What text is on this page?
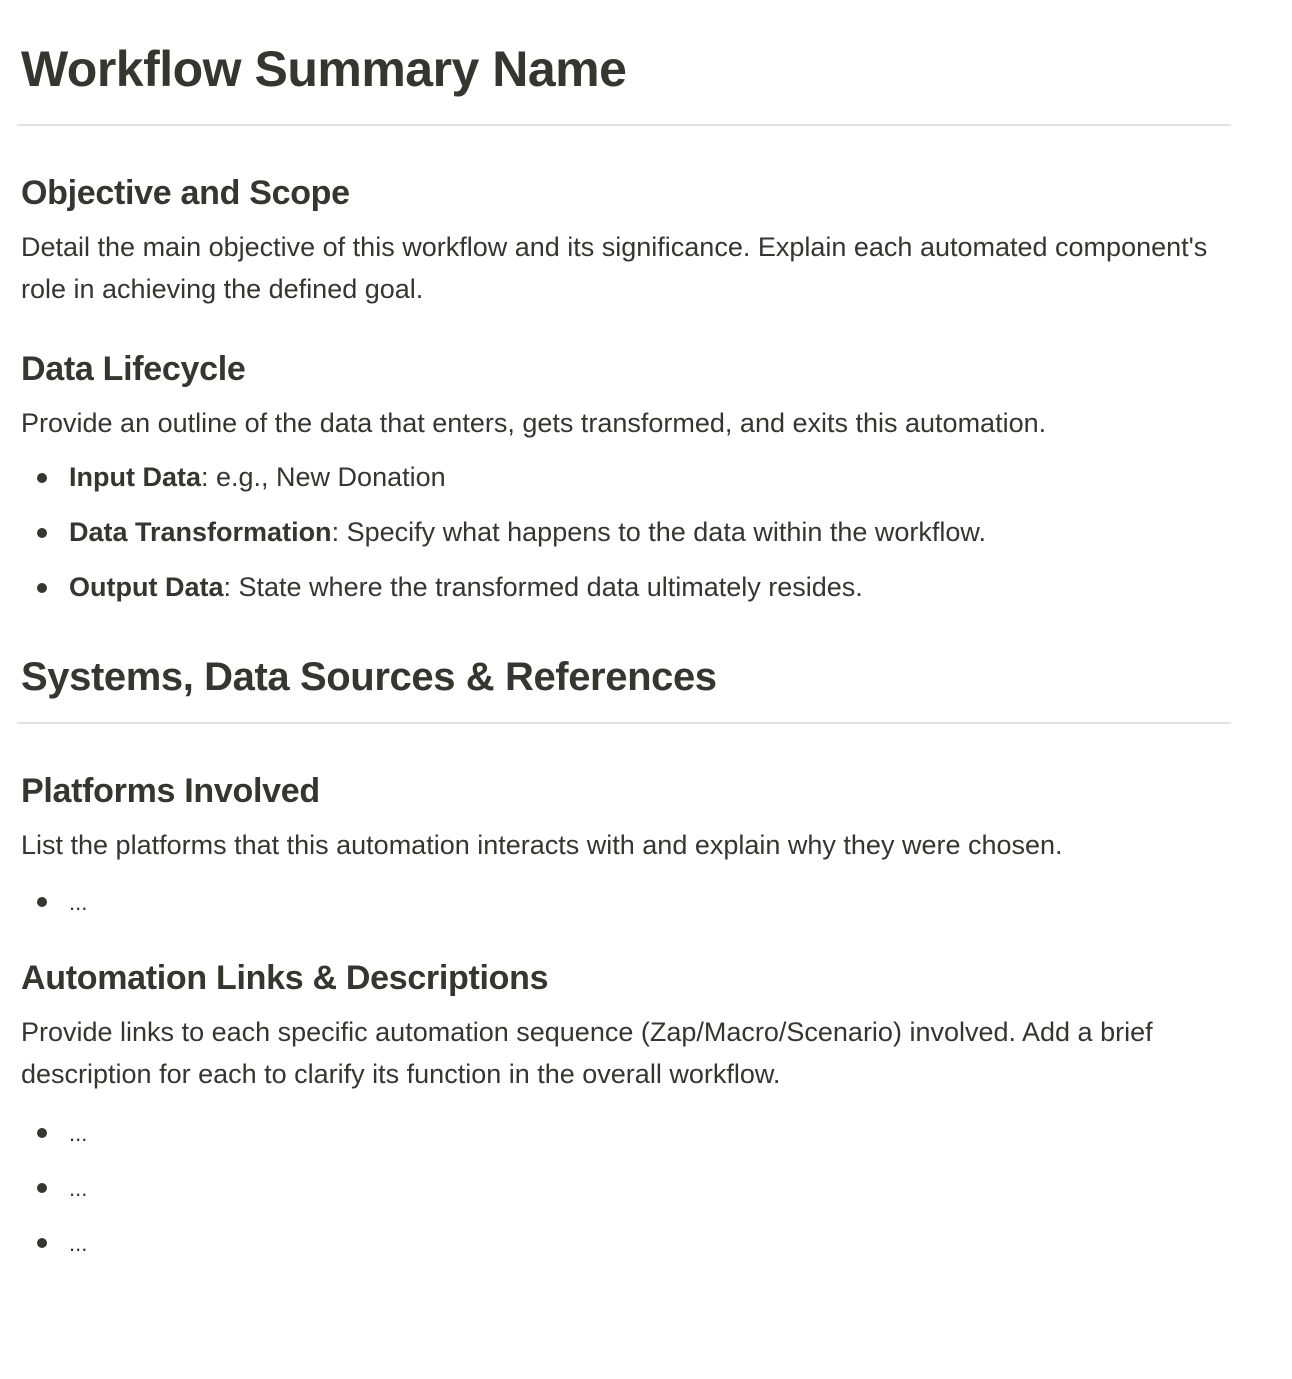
Workflow Summary Name
Objective and Scope

Detail the main objective of this workflow and its significance. Explain each automated component's role in achieving the defined goal.

Data Lifecycle

Provide an outline of the data that enters, gets transformed, and exits this automation.

Input Data: e.g., New Donation
Data Transformation: Specify what happens to the data within the workflow.
Output Data: State where the transformed data ultimately resides.
Systems, Data Sources & References
Platforms Involved

List the platforms that this automation interacts with and explain why they were chosen.

...
Automation Links & Descriptions

Provide links to each specific automation sequence (Zap/Macro/Scenario) involved. Add a brief description for each to clarify its function in the overall workflow.

...
...
...
